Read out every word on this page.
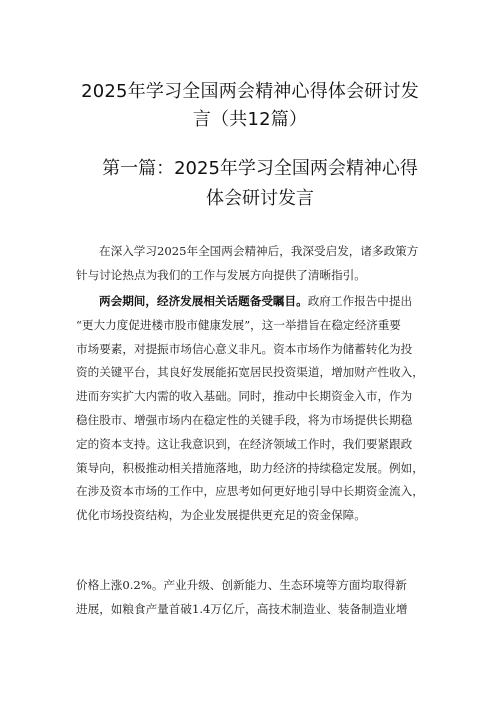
2025年学习全国两会精神心得体会研讨发
言（共12篇）
第一篇：2025年学习全国两会精神心得
体会研讨发言
在深入学习2025年全国两会精神后，我深受启发，诸多政策方
针与讨论热点为我们的工作与发展方向提供了清晰指引。
两会期间，经济发展相关话题备受瞩目。政府工作报告中提出
“更大力度促进楼市股市健康发展”，这一举措旨在稳定经济重要
市场要素，对提振市场信心意义非凡。资本市场作为储蓄转化为投
资的关键平台，其良好发展能拓宽居民投资渠道，增加财产性收入，
进而夯实扩大内需的收入基础。同时，推动中长期资金入市，作为
稳住股市、增强市场内在稳定性的关键手段，将为市场提供长期稳
定的资本支持。这让我意识到，在经济领域工作时，我们要紧跟政
策导向，积极推动相关措施落地，助力经济的持续稳定发展。例如，
在涉及资本市场的工作中，应思考如何更好地引导中长期资金流入，
优化市场投资结构，为企业发展提供更充足的资金保障。
价格上涨0.2%。产业升级、创新能力、生态环境等方面均取得新
进展，如粮食产量首破1.4万亿斤，高技术制造业、装备制造业增
